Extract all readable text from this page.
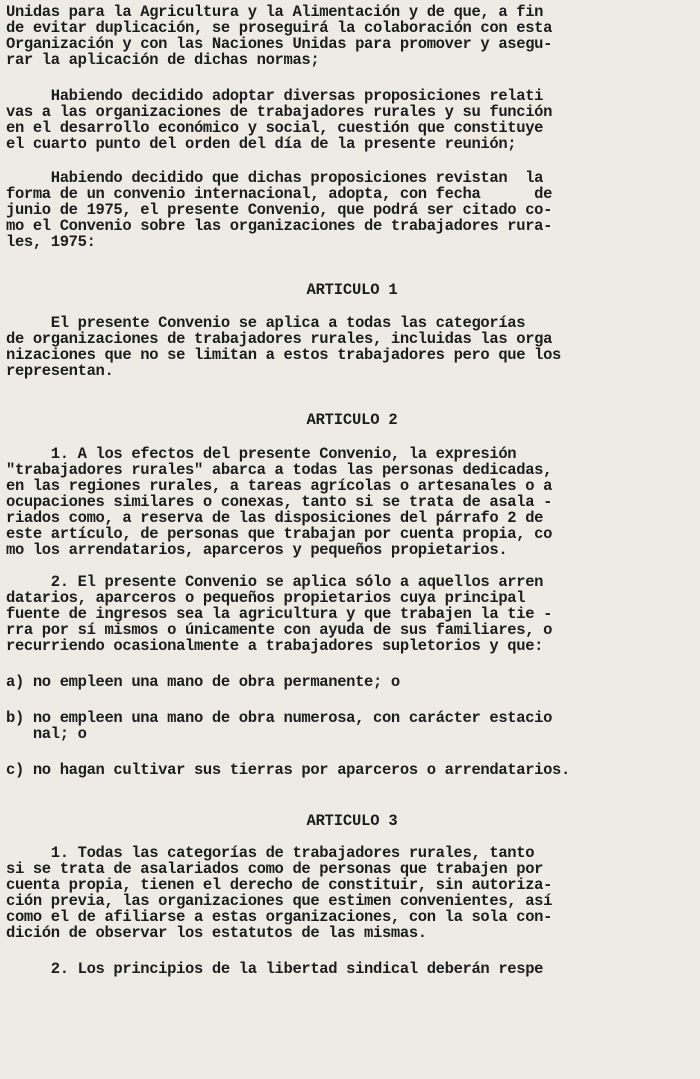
Unidas para la Agricultura y la Alimentación y de que, a fin
de evitar duplicación, se proseguirá la colaboración con esta
Organización y con las Naciones Unidas para promover y asegu-
rar la aplicación de dichas normas;

Habiendo decidido adoptar diversas proposiciones relati
vas a las organizaciones de trabajadores rurales y su función
en el desarrollo económico y social, cuestión que constituye
el cuarto punto del orden del día de la presente reunión;

Habiendo decidido que dichas proposiciones revistan  la
forma de un convenio internacional, adopta, con fecha      de
junio de 1975, el presente Convenio, que podrá ser citado co-
mo el Convenio sobre las organizaciones de trabajadores rura-
les, 1975:

ARTICULO 1

El presente Convenio se aplica a todas las categorías
de organizaciones de trabajadores rurales, incluidas las orga
nizaciones que no se limitan a estos trabajadores pero que los
representan.

ARTICULO 2

1. A los efectos del presente Convenio, la expresión
"trabajadores rurales" abarca a todas las personas dedicadas,
en las regiones rurales, a tareas agrícolas o artesanales o a
ocupaciones similares o conexas, tanto si se trata de asala -
riados como, a reserva de las disposiciones del párrafo 2 de
este artículo, de personas que trabajan por cuenta propia, co
mo los arrendatarios, aparceros y pequeños propietarios.

2. El presente Convenio se aplica sólo a aquellos arren
datarios, aparceros o pequeños propietarios cuya principal
fuente de ingresos sea la agricultura y que trabajen la tie -
rra por sí mismos o únicamente con ayuda de sus familiares, o
recurriendo ocasionalmente a trabajadores supletorios y que:

a) no empleen una mano de obra permanente; o

b) no empleen una mano de obra numerosa, con carácter estacio
nal; o

c) no hagan cultivar sus tierras por aparceros o arrendatarios.

ARTICULO 3

1. Todas las categorías de trabajadores rurales, tanto
si se trata de asalariados como de personas que trabajen por
cuenta propia, tienen el derecho de constituir, sin autoriza-
ción previa, las organizaciones que estimen convenientes, así
como el de afiliarse a estas organizaciones, con la sola con-
dición de observar los estatutos de las mismas.

2. Los principios de la libertad sindical deberán respe
